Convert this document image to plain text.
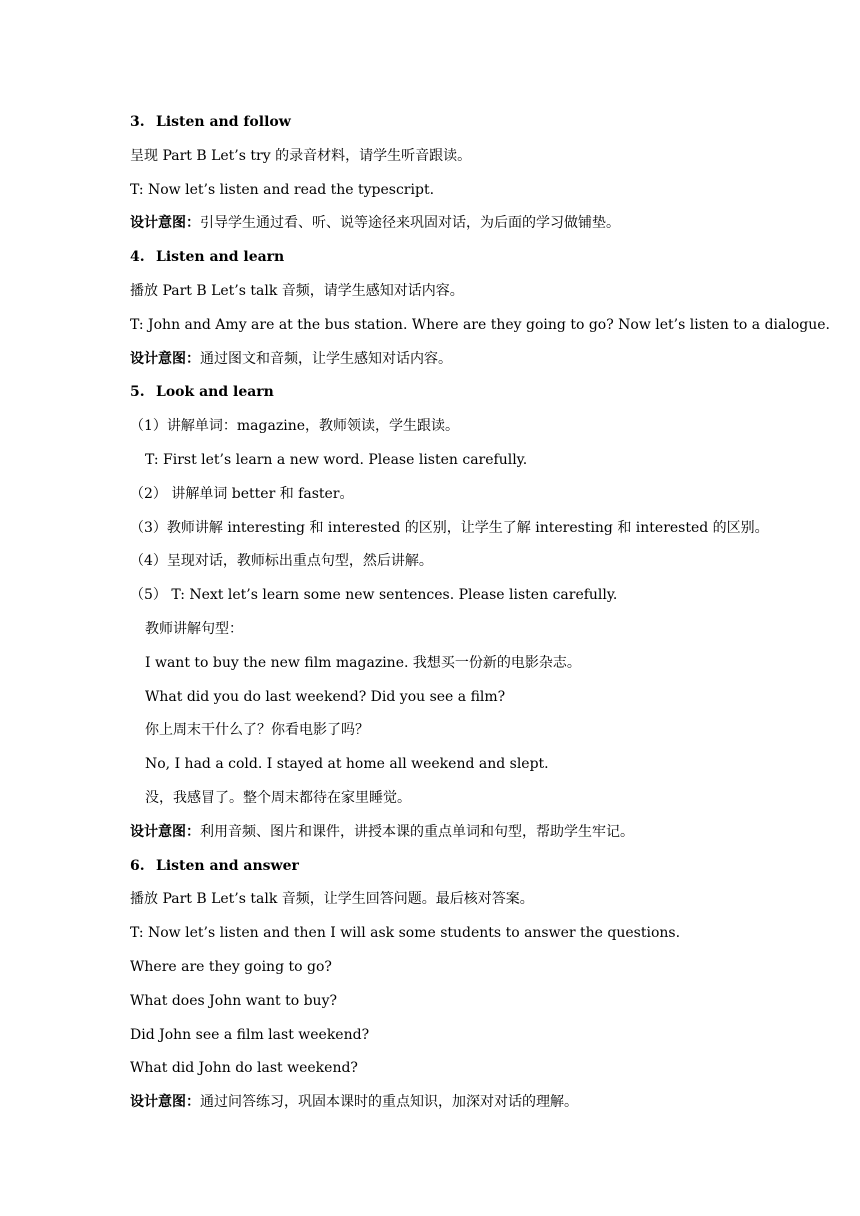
3. Listen and follow
呈现 Part B Let’s try 的录音材料，请学生听音跟读。
T: Now let’s listen and read the typescript.
设计意图：引导学生通过看、听、说等途径来巩固对话，为后面的学习做铺垫。
4. Listen and learn
播放 Part B Let’s talk 音频，请学生感知对话内容。
T: John and Amy are at the bus station. Where are they going to go? Now let’s listen to a dialogue.
设计意图：通过图文和音频，让学生感知对话内容。
5. Look and learn
（1）讲解单词：magazine，教师领读，学生跟读。
T: First let’s learn a new word. Please listen carefully.
（2） 讲解单词 better 和 faster。
（3）教师讲解 interesting 和 interested 的区别，让学生了解 interesting 和 interested 的区别。
（4）呈现对话，教师标出重点句型，然后讲解。
（5） T: Next let’s learn some new sentences. Please listen carefully.
教师讲解句型：
I want to buy the new film magazine. 我想买一份新的电影杂志。
What did you do last weekend? Did you see a film?
你上周末干什么了？你看电影了吗？
No, I had a cold. I stayed at home all weekend and slept.
没，我感冒了。整个周末都待在家里睡觉。
设计意图：利用音频、图片和课件，讲授本课的重点单词和句型，帮助学生牢记。
6. Listen and answer
播放 Part B Let’s talk 音频，让学生回答问题。最后核对答案。
T: Now let’s listen and then I will ask some students to answer the questions.
Where are they going to go?
What does John want to buy?
Did John see a film last weekend?
What did John do last weekend?
设计意图：通过问答练习，巩固本课时的重点知识，加深对对话的理解。
